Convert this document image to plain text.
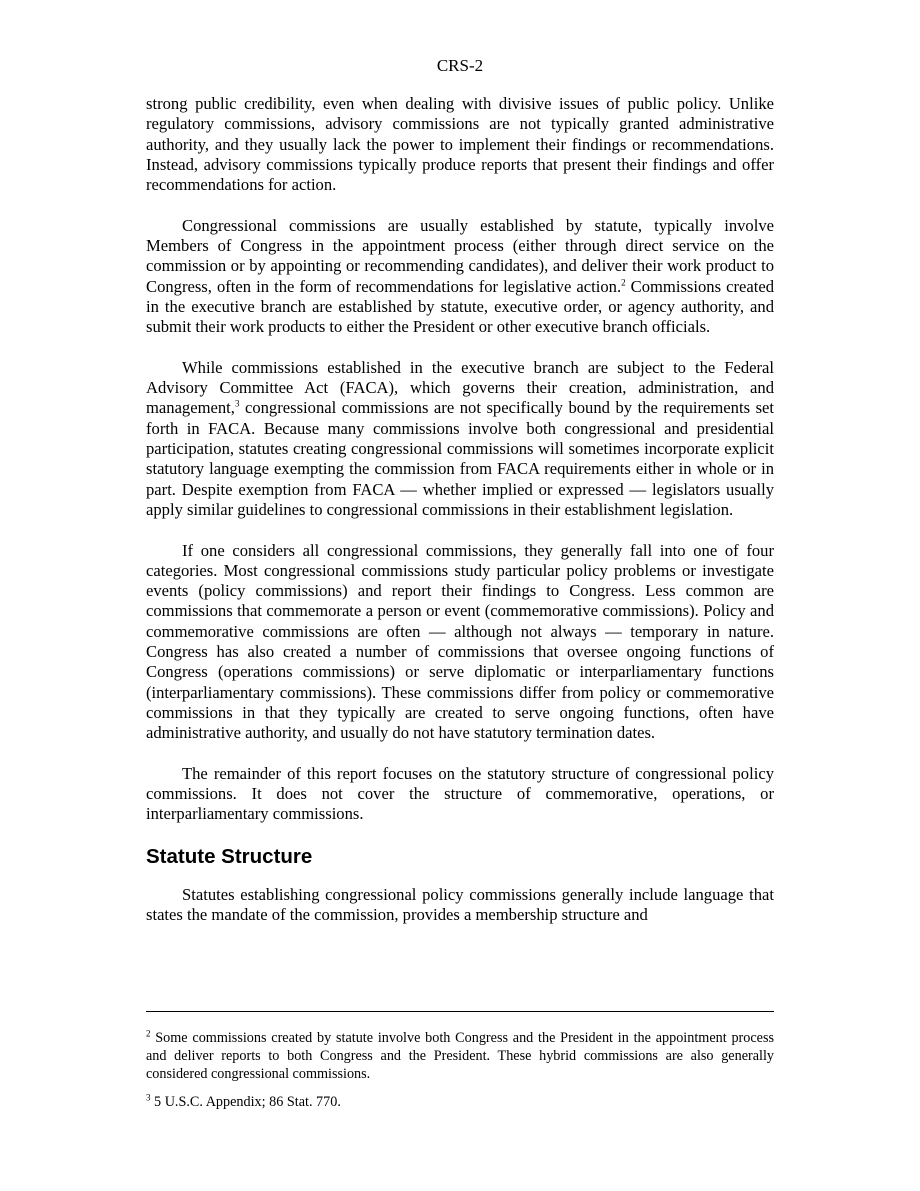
CRS-2

strong public credibility, even when dealing with divisive issues of public policy. Unlike regulatory commissions, advisory commissions are not typically granted administrative authority, and they usually lack the power to implement their findings or recommendations. Instead, advisory commissions typically produce reports that present their findings and offer recommendations for action.

Congressional commissions are usually established by statute, typically involve Members of Congress in the appointment process (either through direct service on the commission or by appointing or recommending candidates), and deliver their work product to Congress, often in the form of recommendations for legislative action.$^2$ Commissions created in the executive branch are established by statute, executive order, or agency authority, and submit their work products to either the President or other executive branch officials.

While commissions established in the executive branch are subject to the Federal Advisory Committee Act (FACA), which governs their creation, administration, and management,$^3$ congressional commissions are not specifically bound by the requirements set forth in FACA. Because many commissions involve both congressional and presidential participation, statutes creating congressional commissions will sometimes incorporate explicit statutory language exempting the commission from FACA requirements either in whole or in part. Despite exemption from FACA — whether implied or expressed — legislators usually apply similar guidelines to congressional commissions in their establishment legislation.

If one considers all congressional commissions, they generally fall into one of four categories. Most congressional commissions study particular policy problems or investigate events (policy commissions) and report their findings to Congress. Less common are commissions that commemorate a person or event (commemorative commissions). Policy and commemorative commissions are often — although not always — temporary in nature. Congress has also created a number of commissions that oversee ongoing functions of Congress (operations commissions) or serve diplomatic or interparliamentary functions (interparliamentary commissions). These commissions differ from policy or commemorative commissions in that they typically are created to serve ongoing functions, often have administrative authority, and usually do not have statutory termination dates.

The remainder of this report focuses on the statutory structure of congressional policy commissions. It does not cover the structure of commemorative, operations, or interparliamentary commissions.

Statute Structure

Statutes establishing congressional policy commissions generally include language that states the mandate of the commission, provides a membership structure and

$^2$ Some commissions created by statute involve both Congress and the President in the appointment process and deliver reports to both Congress and the President. These hybrid commissions are also generally considered congressional commissions.

$^3$ 5 U.S.C. Appendix; 86 Stat. 770.
